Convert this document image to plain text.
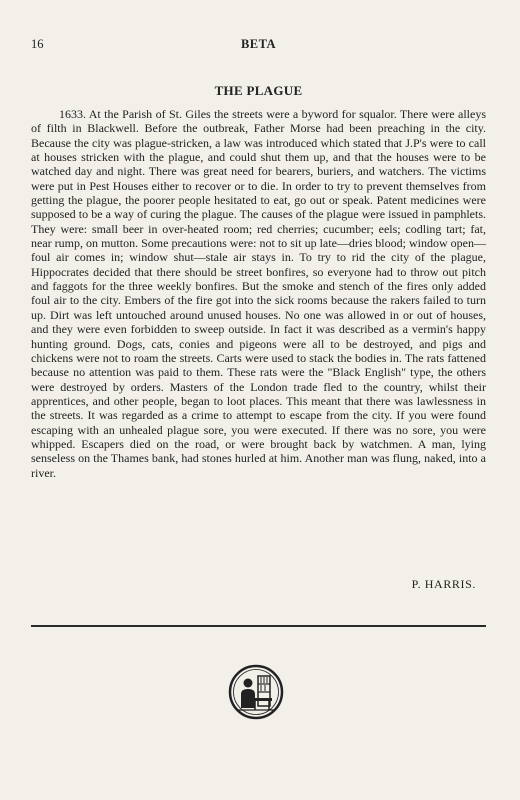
16	BETA
THE PLAGUE

1633. At the Parish of St. Giles the streets were a byword for squalor. There were alleys of filth in Blackwell. Before the outbreak, Father Morse had been preaching in the city. Because the city was plague-stricken, a law was introduced which stated that J.P's were to call at houses stricken with the plague, and could shut them up, and that the houses were to be watched day and night. There was great need for bearers, buriers, and watchers. The victims were put in Pest Houses either to recover or to die. In order to try to prevent themselves from getting the plague, the poorer people hesitated to eat, go out or speak. Patent medicines were supposed to be a way of curing the plague. The causes of the plague were issued in pamphlets. They were: small beer in over-heated room; red cherries; cucumber; eels; codling tart; fat, near rump, on mutton. Some precautions were: not to sit up late—dries blood; window open—foul air comes in; window shut—stale air stays in. To try to rid the city of the plague, Hippocrates decided that there should be street bonfires, so everyone had to throw out pitch and faggots for the three weekly bonfires. But the smoke and stench of the fires only added foul air to the city. Embers of the fire got into the sick rooms because the rakers failed to turn up. Dirt was left untouched around unused houses. No one was allowed in or out of houses, and they were even forbidden to sweep outside. In fact it was described as a vermin's happy hunting ground. Dogs, cats, conies and pigeons were all to be destroyed, and pigs and chickens were not to roam the streets. Carts were used to stack the bodies in. The rats fattened because no attention was paid to them. These rats were the "Black English" type, the others were destroyed by orders. Masters of the London trade fled to the country, whilst their apprentices, and other people, began to loot places. This meant that there was lawlessness in the streets. It was regarded as a crime to attempt to escape from the city. If you were found escaping with an unhealed plague sore, you were executed. If there was no sore, you were whipped. Escapers died on the road, or were brought back by watchmen. A man, lying senseless on the Thames bank, had stones hurled at him. Another man was flung, naked, into a river.

P. HARRIS.
